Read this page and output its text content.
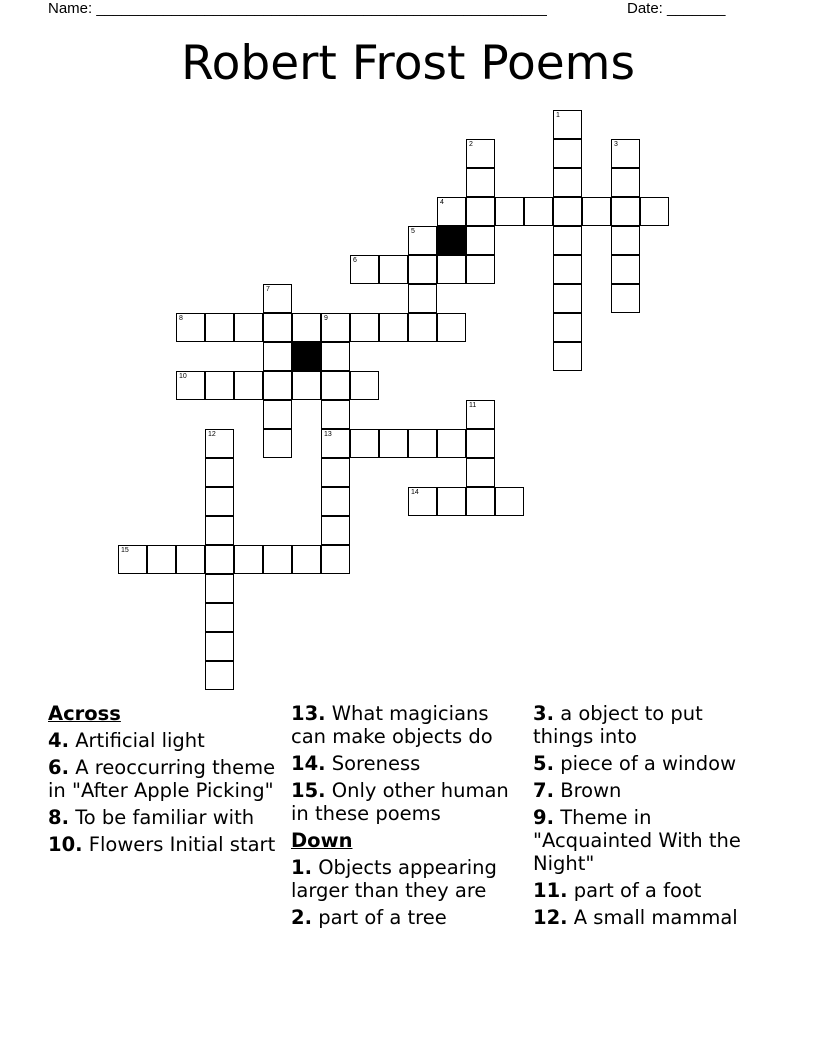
Name: ______________________________________________________	Date: _______
Robert Frost Poems
1
2	3
4
5
6
7
8	9
10
13
11
14
12
15
Across
4. Artificial light
6. A reoccurring theme in "After Apple Picking"
8. To be familiar with
10. Flowers Initial start
13. What magicians can make objects do
14. Soreness
15. Only other human in these poems
Down
1. Objects appearing larger than they are
2. part of a tree
3. a object to put things into
5. piece of a window
7. Brown
9. Theme in "Acquainted With the Night"
11. part of a foot
12. A small mammal
